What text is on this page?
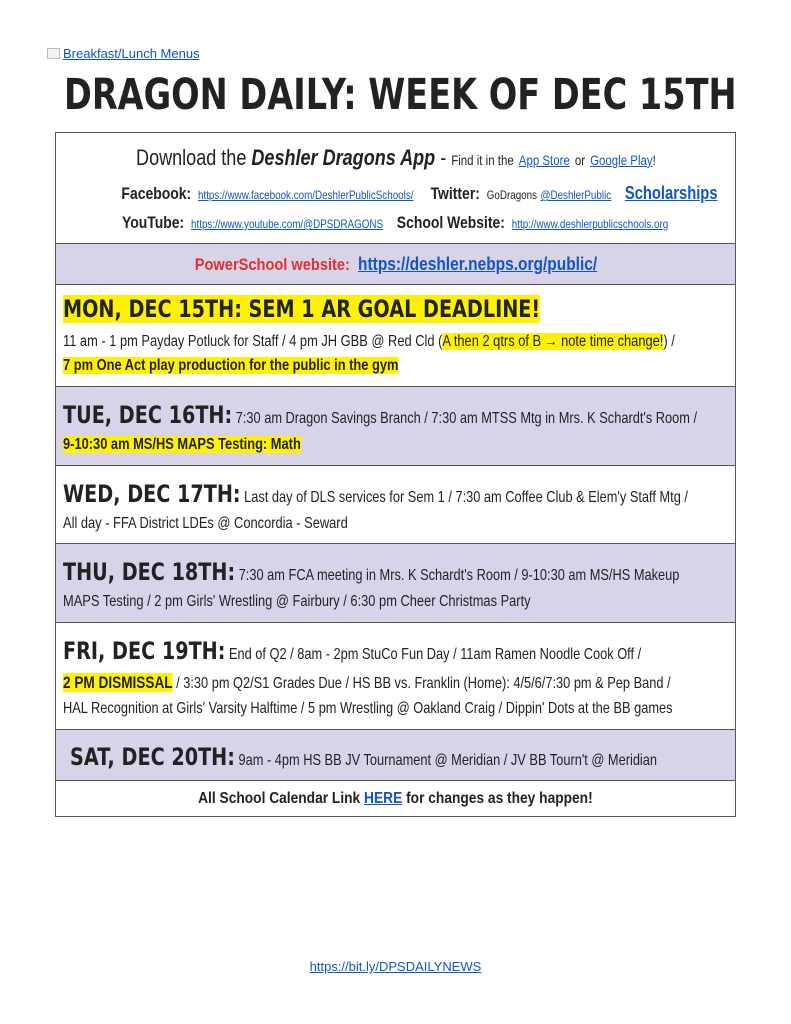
Breakfast/Lunch Menus
DRAGON DAILY: WEEK OF DEC 15TH
Download the Deshler Dragons App - Find it in the App Store or Google Play!
Facebook: https://www.facebook.com/DeshlerPublicSchools/ Twitter: GoDragons @DeshlerPublic Scholarships
YouTube: https://www.youtube.com/@DPSDRAGONS School Website: http://www.deshlerpublicschools.org
PowerSchool website: https://deshler.nebps.org/public/
MON, DEC 15TH: SEM 1 AR GOAL DEADLINE!
11 am - 1 pm Payday Potluck for Staff / 4 pm JH GBB @ Red Cld (A then 2 qtrs of B → note time change!) /
7 pm One Act play production for the public in the gym
TUE, DEC 16TH: 7:30 am Dragon Savings Branch / 7:30 am MTSS Mtg in Mrs. K Schardt's Room /
9-10:30 am MS/HS MAPS Testing: Math
WED, DEC 17TH: Last day of DLS services for Sem 1 / 7:30 am Coffee Club & Elem'y Staff Mtg /
All day - FFA District LDEs @ Concordia - Seward
THU, DEC 18TH: 7:30 am FCA meeting in Mrs. K Schardt's Room / 9-10:30 am MS/HS Makeup
MAPS Testing / 2 pm Girls' Wrestling @ Fairbury / 6:30 pm Cheer Christmas Party
FRI, DEC 19TH: End of Q2 / 8am - 2pm StuCo Fun Day / 11am Ramen Noodle Cook Off /
2 PM DISMISSAL / 3:30 pm Q2/S1 Grades Due / HS BB vs. Franklin (Home): 4/5/6/7:30 pm & Pep Band /
HAL Recognition at Girls' Varsity Halftime / 5 pm Wrestling @ Oakland Craig / Dippin' Dots at the BB games
SAT, DEC 20TH: 9am - 4pm HS BB JV Tournament @ Meridian / JV BB Tourn't @ Meridian
All School Calendar Link HERE for changes as they happen!
https://bit.ly/DPSDAILYNEWS
